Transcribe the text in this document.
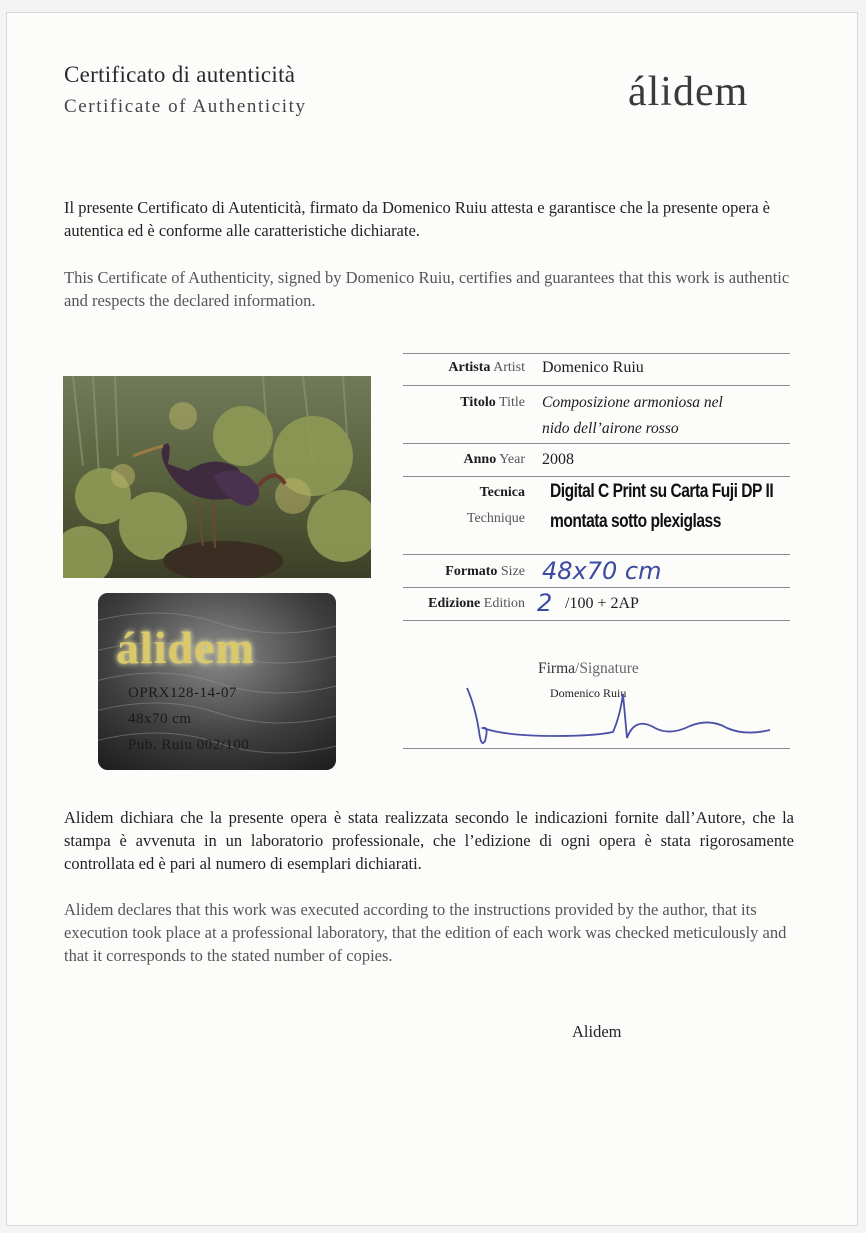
Certificato di autenticità
Certificate of Authenticity	álidem
Il presente Certificato di Autenticità, firmato da Domenico Ruiu attesta e garantisce che la presente opera è autentica ed è conforme alle caratteristiche dichiarate.
This Certificate of Authenticity, signed by Domenico Ruiu, certifies and guarantees that this work is authentic and respects the declared information.
álidem
OPRX128-14-07
48x70 cm
Pub. Ruiu 002/100
Artista Artist Domenico Ruiu
Titolo Title Composizione armoniosa nel
nido dell’airone rosso
Anno Year 2008
Tecnica
Technique
Digital C Print su Carta Fuji DP II
montata sotto plexiglass
Formato Size 48x70 cm
Edizione Edition 2 /100 + 2AP
Firma/Signature
Domenico Ruiu
Alidem dichiara che la presente opera è stata realizzata secondo le indicazioni fornite dall’Autore, che la stampa è avvenuta in un laboratorio professionale, che l’edizione di ogni opera è stata rigorosamente controllata ed è pari al numero di esemplari dichiarati.
Alidem declares that this work was executed according to the instructions provided by the author, that its execution took place at a professional laboratory, that the edition of each work was checked meticulously and that it corresponds to the stated number of copies.
Alidem
